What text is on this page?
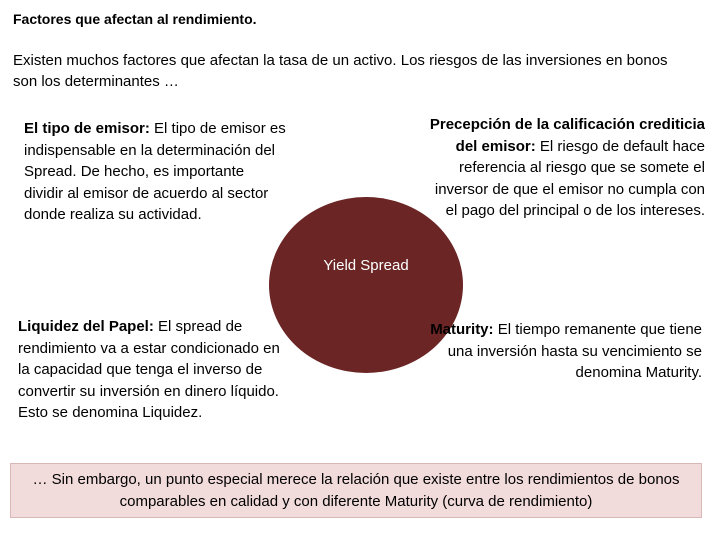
Factores que afectan al rendimiento.
Existen muchos factores que afectan la tasa de un activo. Los riesgos de las inversiones en bonos son los determinantes …
El tipo de emisor: El tipo de emisor es indispensable en la determinación del Spread. De hecho, es importante dividir al emisor de acuerdo al sector donde realiza su actividad.
Precepción de la calificación crediticia del emisor: El riesgo de default hace referencia al riesgo que se somete el inversor de que el emisor no cumpla con el pago del principal o de los intereses.
Yield Spread
Liquidez del Papel: El spread de rendimiento va a estar condicionado en la capacidad que tenga el inverso de convertir su inversión en dinero líquido. Esto se denomina Liquidez.
Maturity: El tiempo remanente que tiene una inversión hasta su vencimiento se denomina Maturity.
… Sin embargo, un punto especial merece la relación que existe entre los rendimientos de bonos comparables en calidad y con diferente Maturity (curva de rendimiento)
